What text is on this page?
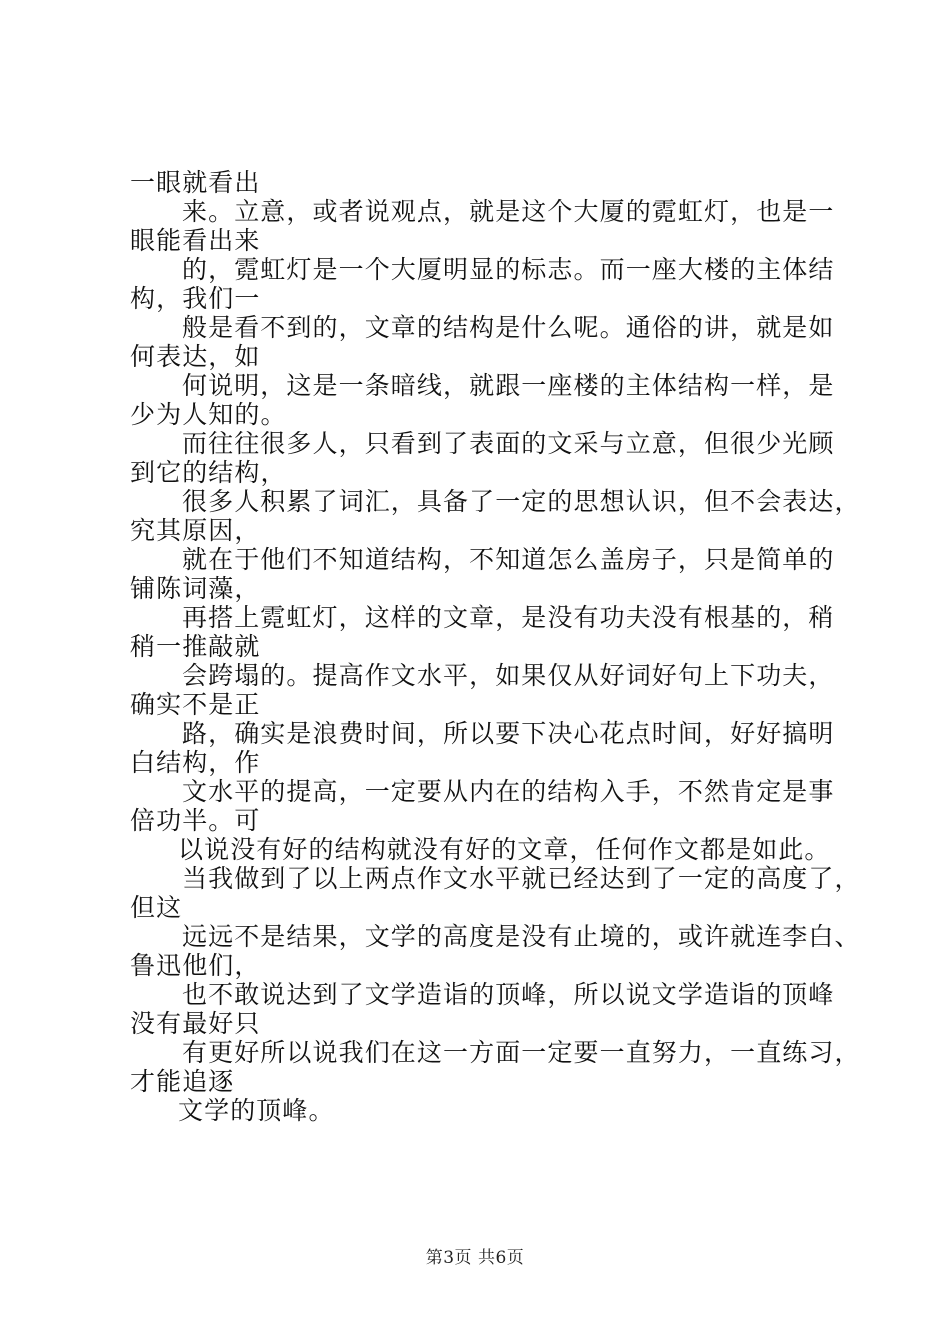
一眼就看出
来。立意，或者说观点，就是这个大厦的霓虹灯，也是一
眼能看出来
的，霓虹灯是一个大厦明显的标志。而一座大楼的主体结
构，我们一
般是看不到的，文章的结构是什么呢。通俗的讲，就是如
何表达，如
何说明，这是一条暗线，就跟一座楼的主体结构一样，是
少为人知的。
而往往很多人，只看到了表面的文采与立意，但很少光顾
到它的结构，
很多人积累了词汇，具备了一定的思想认识，但不会表达，
究其原因，
就在于他们不知道结构，不知道怎么盖房子，只是简单的
铺陈词藻，
再搭上霓虹灯，这样的文章，是没有功夫没有根基的，稍
稍一推敲就
会跨塌的。提高作文水平，如果仅从好词好句上下功夫，
确实不是正
路，确实是浪费时间，所以要下决心花点时间，好好搞明
白结构，作
文水平的提高，一定要从内在的结构入手，不然肯定是事
倍功半。可
以说没有好的结构就没有好的文章，任何作文都是如此。
当我做到了以上两点作文水平就已经达到了一定的高度了，
但这
远远不是结果，文学的高度是没有止境的，或许就连李白、
鲁迅他们，
也不敢说达到了文学造诣的顶峰，所以说文学造诣的顶峰
没有最好只
有更好所以说我们在这一方面一定要一直努力，一直练习，
才能追逐
文学的顶峰。
第3页 共6页
